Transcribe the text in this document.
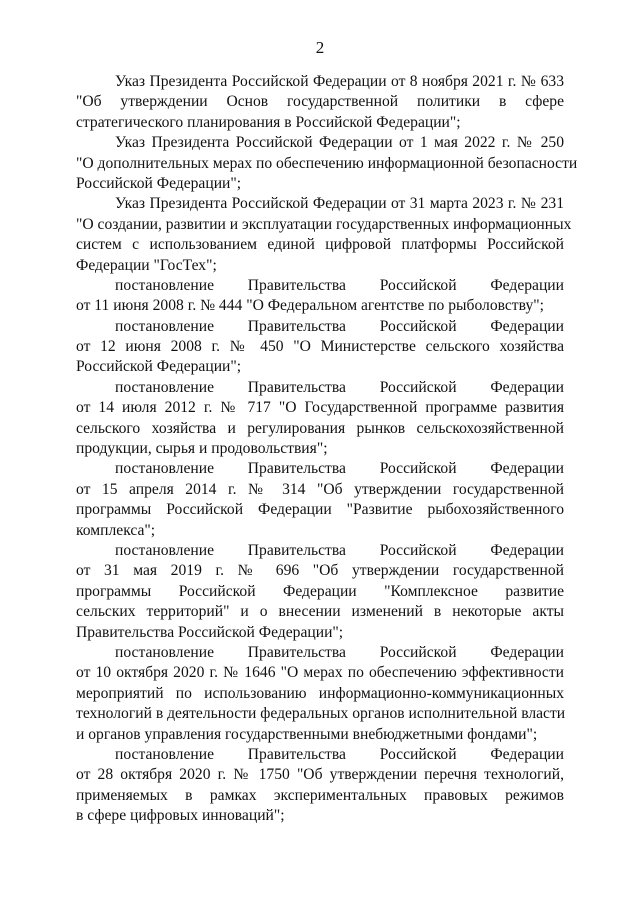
2
Указ Президента Российской Федерации от 8 ноября 2021 г. № 633
"Об утверждении Основ государственной политики в сфере
стратегического планирования в Российской Федерации";
Указ Президента Российской Федерации от 1 мая 2022 г. № 250
"О дополнительных мерах по обеспечению информационной безопасности
Российской Федерации";
Указ Президента Российской Федерации от 31 марта 2023 г. № 231
"О создании, развитии и эксплуатации государственных информационных
систем с использованием единой цифровой платформы Российской
Федерации "ГосТех";
постановление Правительства Российской Федерации
от 11 июня 2008 г. № 444 "О Федеральном агентстве по рыболовству";
постановление Правительства Российской Федерации
от 12 июня 2008 г. № 450 "О Министерстве сельского хозяйства
Российской Федерации";
постановление Правительства Российской Федерации
от 14 июля 2012 г. № 717 "О Государственной программе развития
сельского хозяйства и регулирования рынков сельскохозяйственной
продукции, сырья и продовольствия";
постановление Правительства Российской Федерации
от 15 апреля 2014 г. № 314 "Об утверждении государственной
программы Российской Федерации "Развитие рыбохозяйственного
комплекса";
постановление Правительства Российской Федерации
от 31 мая 2019 г. № 696 "Об утверждении государственной
программы Российской Федерации "Комплексное развитие
сельских территорий" и о внесении изменений в некоторые акты
Правительства Российской Федерации";
постановление Правительства Российской Федерации
от 10 октября 2020 г. № 1646 "О мерах по обеспечению эффективности
мероприятий по использованию информационно-коммуникационных
технологий в деятельности федеральных органов исполнительной власти
и органов управления государственными внебюджетными фондами";
постановление Правительства Российской Федерации
от 28 октября 2020 г. № 1750 "Об утверждении перечня технологий,
применяемых в рамках экспериментальных правовых режимов
в сфере цифровых инноваций";
